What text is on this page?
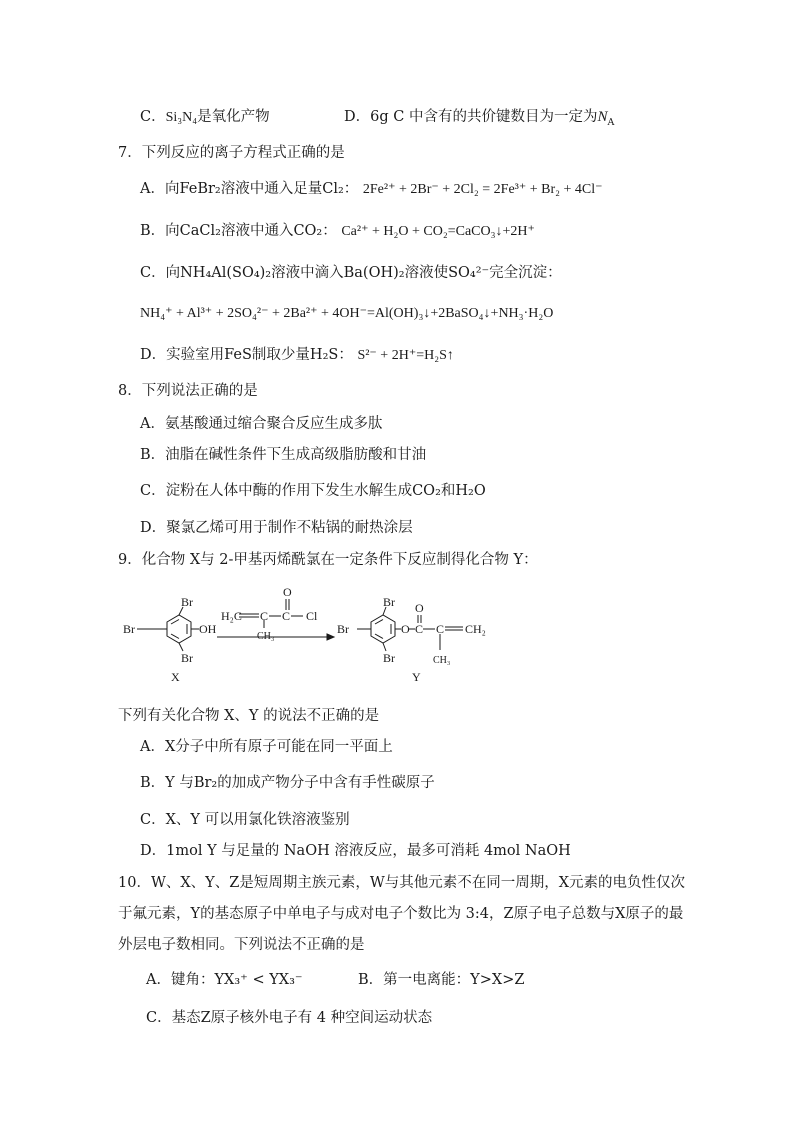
C．Si₃N₄是氧化产物	D．6g C 中含有的共价键数目为一定为$N_A$
7．下列反应的离子方程式正确的是
A．向FeBr₂溶液中通入足量Cl₂： 2Fe²⁺ + 2Br⁻ + 2Cl₂ = 2Fe³⁺ + Br₂ + 4Cl⁻
B．向CaCl₂溶液中通入CO₂： Ca²⁺ + H₂O + CO₂=CaCO₃↓+2H⁺
C．向NH₄Al(SO₄)₂溶液中滴入Ba(OH)₂溶液使SO₄²⁻完全沉淀：
NH₄⁺ + Al³⁺ + 2SO₄²⁻ + 2Ba²⁺ + 4OH⁻=Al(OH)₃↓+2BaSO₄↓+NH₃·H₂O
D．实验室用FeS制取少量H₂S： S²⁻ + 2H⁺=H₂S↑
8．下列说法正确的是
A．氨基酸通过缩合聚合反应生成多肽
B．油脂在碱性条件下生成高级脂肪酸和甘油
C．淀粉在人体中酶的作用下发生水解生成CO₂和H₂O
D．聚氯乙烯可用于制作不粘锅的耐热涂层
9．化合物 X与 2-甲基丙烯酰氯在一定条件下反应制得化合物 Y：
Br
Br
Br
OH
X
H₂C C C
O
Cl
CH₃
Br
Br
Br
O C
O
C CH₂
CH₃
Y
下列有关化合物 X、Y 的说法不正确的是
A．X分子中所有原子可能在同一平面上
B．Y 与Br₂的加成产物分子中含有手性碳原子
C．X、Y 可以用氯化铁溶液鉴别
D．1mol Y 与足量的 NaOH 溶液反应，最多可消耗 4mol NaOH
10．W、X、Y、Z是短周期主族元素，W与其他元素不在同一周期，X元素的电负性仅次
于氟元素，Y的基态原子中单电子与成对电子个数比为 3:4，Z原子电子总数与X原子的最
外层电子数相同。下列说法不正确的是
A．键角：YX₃⁺ < YX₃⁻	B．第一电离能：Y>X>Z
C．基态Z原子核外电子有 4 种空间运动状态
